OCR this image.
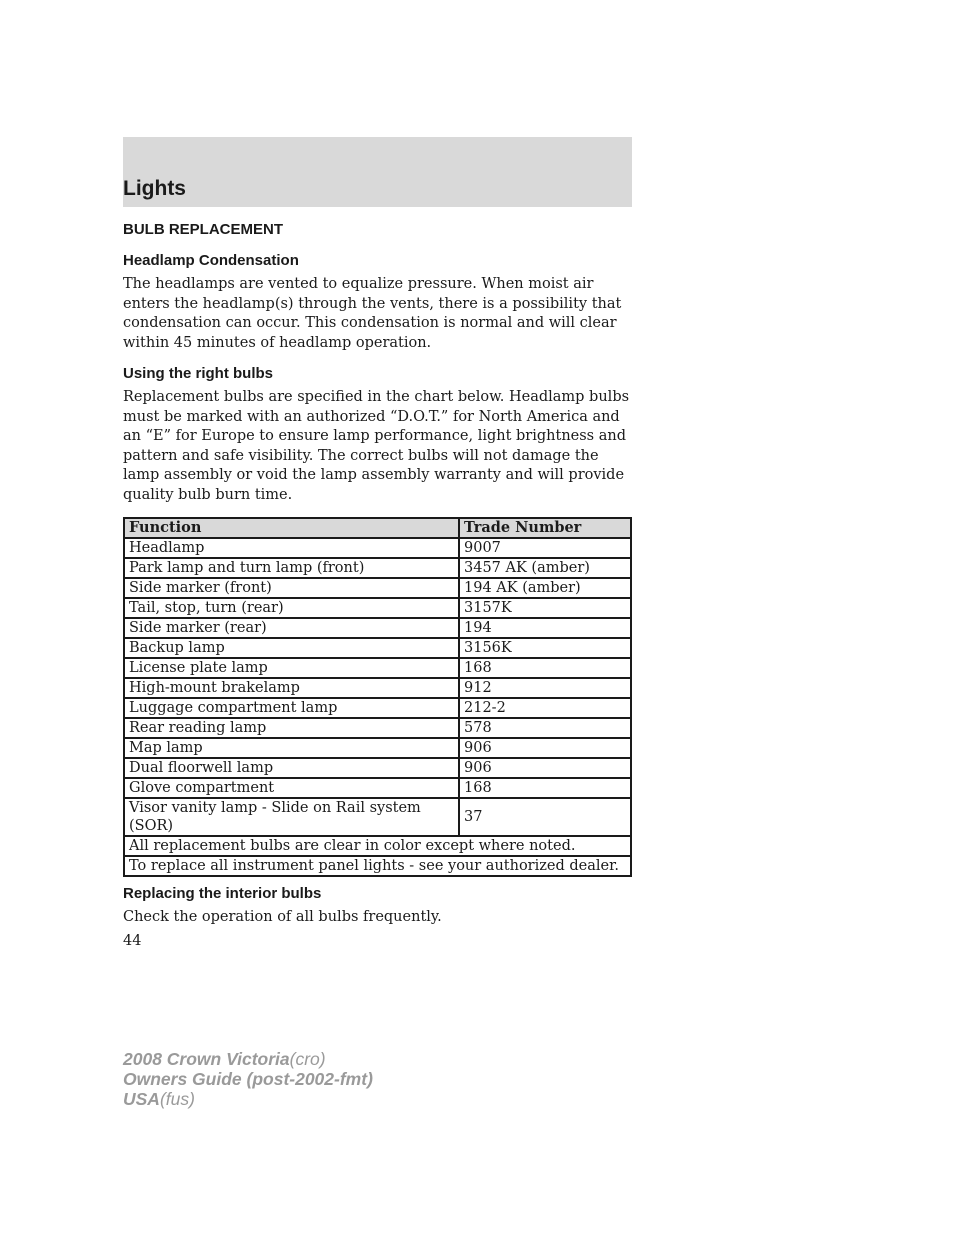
Lights
BULB REPLACEMENT
Headlamp Condensation

The headlamps are vented to equalize pressure. When moist air enters the headlamp(s) through the vents, there is a possibility that condensation can occur. This condensation is normal and will clear within 45 minutes of headlamp operation.

Using the right bulbs

Replacement bulbs are specified in the chart below. Headlamp bulbs must be marked with an authorized “D.O.T.” for North America and an “E” for Europe to ensure lamp performance, light brightness and pattern and safe visibility. The correct bulbs will not damage the lamp assembly or void the lamp assembly warranty and will provide quality bulb burn time.

Function	Trade Number
Headlamp	9007
Park lamp and turn lamp (front)	3457 AK (amber)
Side marker (front)	194 AK (amber)
Tail, stop, turn (rear)	3157K
Side marker (rear)	194
Backup lamp	3156K
License plate lamp	168
High-mount brakelamp	912
Luggage compartment lamp	212-2
Rear reading lamp	578
Map lamp	906
Dual floorwell lamp	906
Glove compartment	168
Visor vanity lamp - Slide on Rail system (SOR)	37
All replacement bulbs are clear in color except where noted.	
To replace all instrument panel lights - see your authorized dealer.	
Replacing the interior bulbs

Check the operation of all bulbs frequently.

44
2008 Crown Victoria(cro)
Owners Guide (post-2002-fmt)
USA(fus)
